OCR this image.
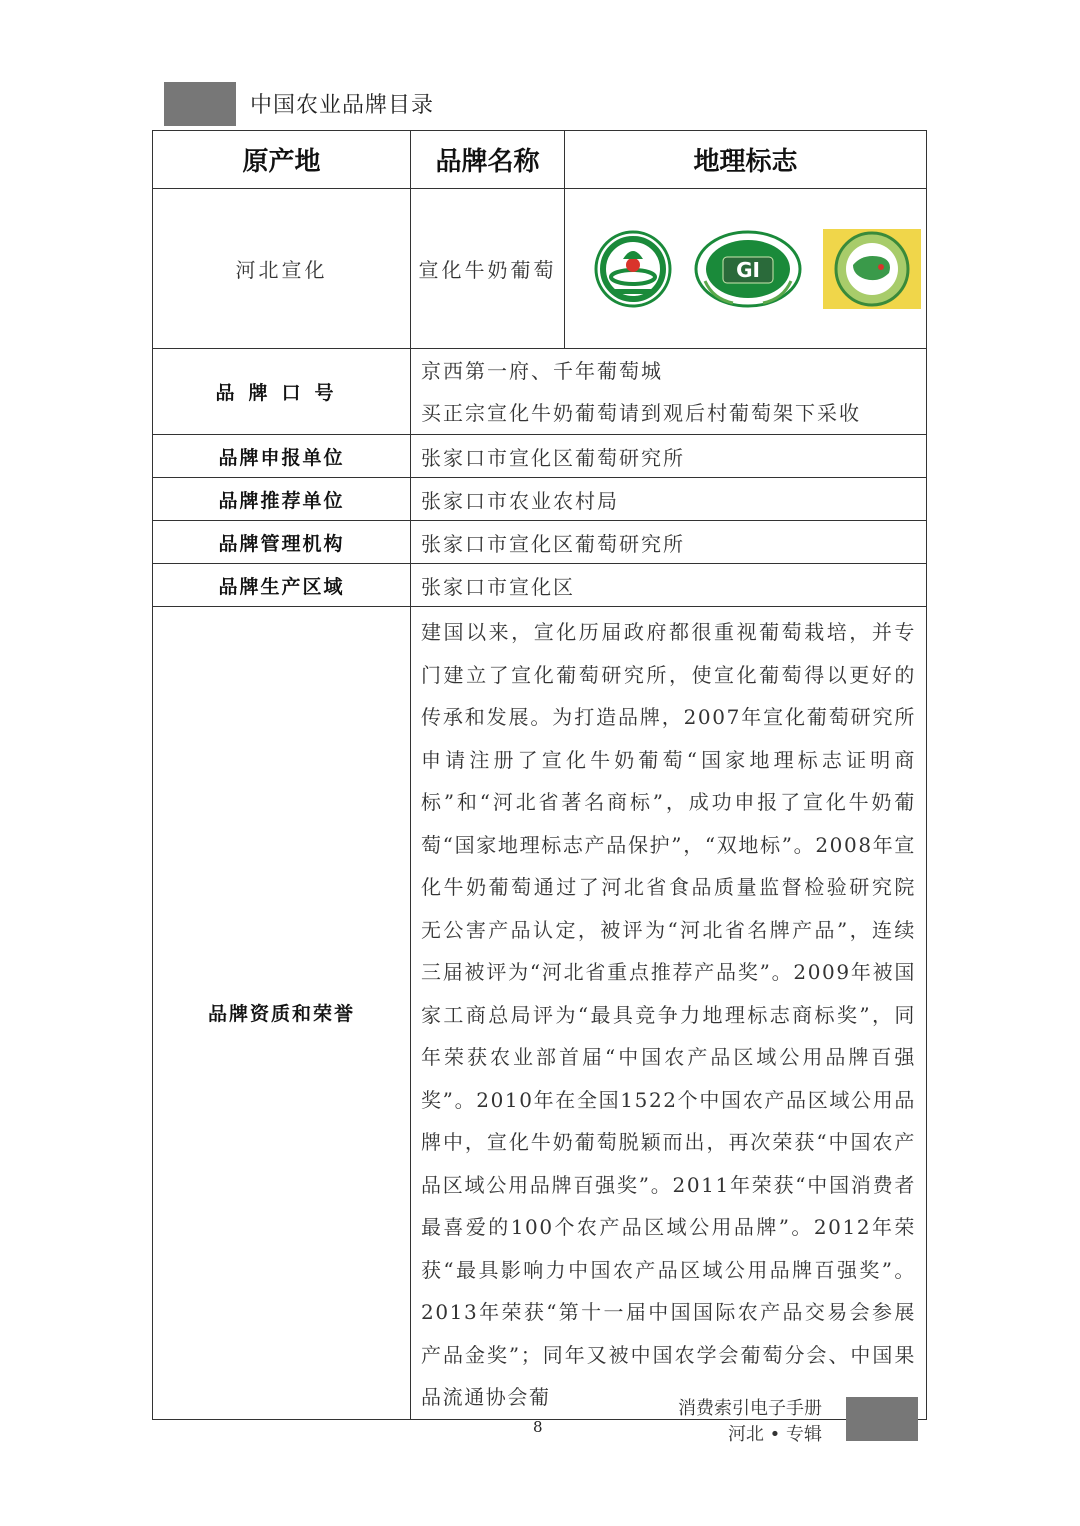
中国农业品牌目录
原产地	品牌名称	地理标志
河北宣化	宣化牛奶葡萄	GI

品牌口号	京西第一府、千年葡萄城
买正宗宣化牛奶葡萄请到观后村葡萄架下采收	

品牌申报单位	张家口市宣化区葡萄研究所	
品牌推荐单位	张家口市农业农村局	
品牌管理机构	张家口市宣化区葡萄研究所	
品牌生产区域	张家口市宣化区	
品牌资质和荣誉	建国以来，宣化历届政府都很重视葡萄栽培，并专门建立了宣化葡萄研究所，使宣化葡萄得以更好的传承和发展。为打造品牌，2007年宣化葡萄研究所申请注册了宣化牛奶葡萄“国家地理标志证明商标”和“河北省著名商标”，成功申报了宣化牛奶葡萄“国家地理标志产品保护”，“双地标”。2008年宣化牛奶葡萄通过了河北省食品质量监督检验研究院无公害产品认定，被评为“河北省名牌产品”，连续三届被评为“河北省重点推荐产品奖”。2009年被国家工商总局评为“最具竞争力地理标志商标奖”，同年荣获农业部首届“中国农产品区域公用品牌百强奖”。2010年在全国1522个中国农产品区域公用品牌中，宣化牛奶葡萄脱颖而出，再次荣获“中国农产品区域公用品牌百强奖”。2011年荣获“中国消费者最喜爱的100个农产品区域公用品牌”。2012年荣获“最具影响力中国农产品区域公用品牌百强奖”。2013年荣获“第十一届中国国际农产品交易会参展产品金奖”；同年又被中国农学会葡萄分会、中国果品流通协会葡	
8
消费索引电子手册
河北 • 专辑
